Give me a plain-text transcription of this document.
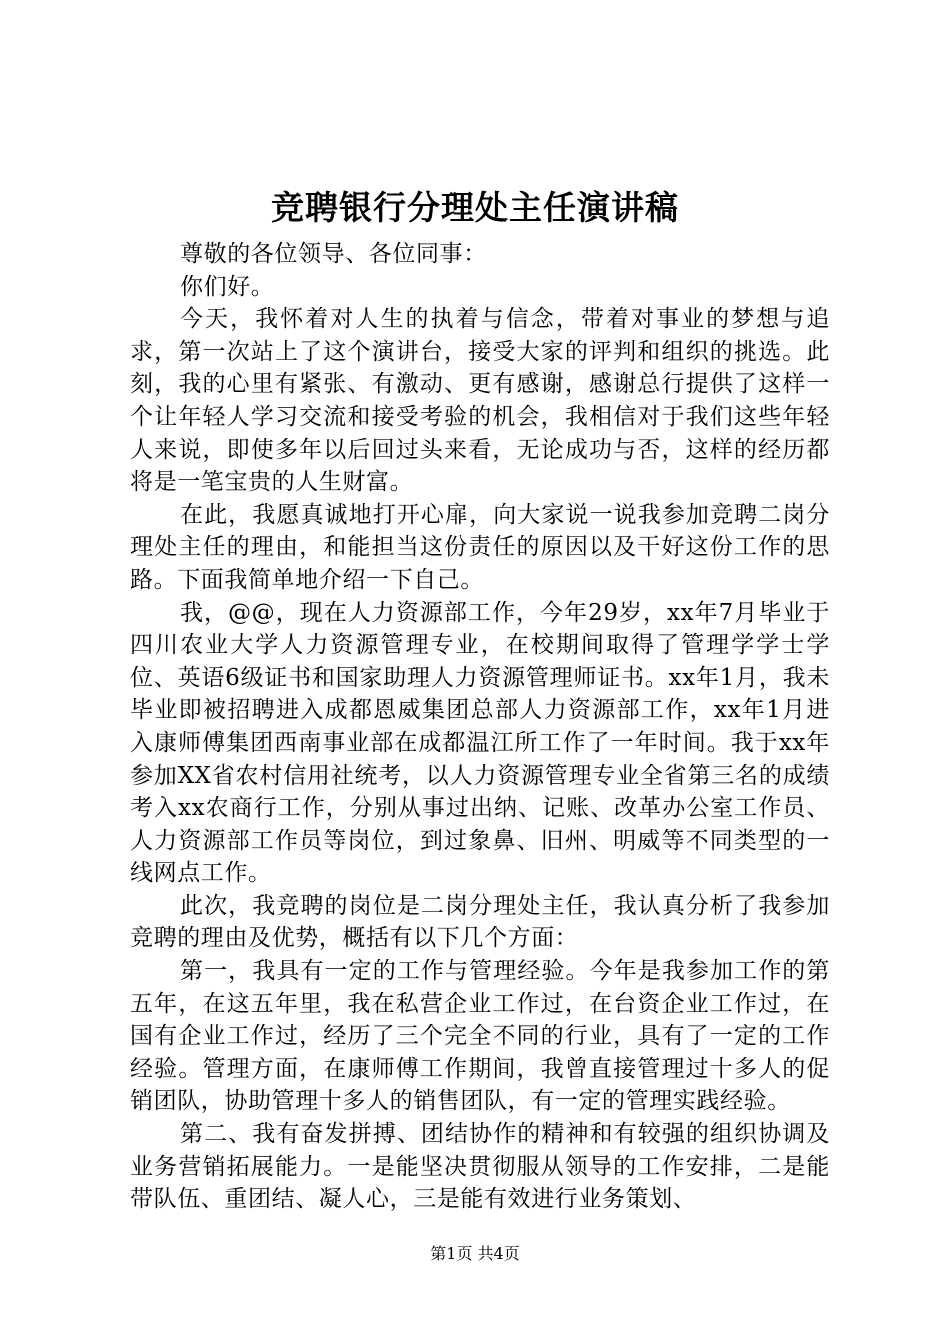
竞聘银行分理处主任演讲稿

尊敬的各位领导、各位同事：

你们好。

今天，我怀着对人生的执着与信念，带着对事业的梦想与追求，第一次站上了这个演讲台，接受大家的评判和组织的挑选。此刻，我的心里有紧张、有激动、更有感谢，感谢总行提供了这样一个让年轻人学习交流和接受考验的机会，我相信对于我们这些年轻人来说，即使多年以后回过头来看，无论成功与否，这样的经历都将是一笔宝贵的人生财富。

在此，我愿真诚地打开心扉，向大家说一说我参加竞聘二岗分理处主任的理由，和能担当这份责任的原因以及干好这份工作的思路。下面我简单地介绍一下自己。

我，@@，现在人力资源部工作，今年29岁，xx年7月毕业于四川农业大学人力资源管理专业，在校期间取得了管理学学士学位、英语6级证书和国家助理人力资源管理师证书。xx年1月，我未毕业即被招聘进入成都恩威集团总部人力资源部工作，xx年1月进入康师傅集团西南事业部在成都温江所工作了一年时间。我于xx年参加XX省农村信用社统考，以人力资源管理专业全省第三名的成绩考入xx农商行工作，分别从事过出纳、记账、改革办公室工作员、人力资源部工作员等岗位，到过象鼻、旧州、明威等不同类型的一线网点工作。

此次，我竞聘的岗位是二岗分理处主任，我认真分析了我参加竞聘的理由及优势，概括有以下几个方面：

第一，我具有一定的工作与管理经验。今年是我参加工作的第五年，在这五年里，我在私营企业工作过，在台资企业工作过，在国有企业工作过，经历了三个完全不同的行业，具有了一定的工作经验。管理方面，在康师傅工作期间，我曾直接管理过十多人的促销团队，协助管理十多人的销售团队，有一定的管理实践经验。

第二、我有奋发拼搏、团结协作的精神和有较强的组织协调及业务营销拓展能力。一是能坚决贯彻服从领导的工作安排，二是能带队伍、重团结、凝人心，三是能有效进行业务策划、

第1页 共4页
